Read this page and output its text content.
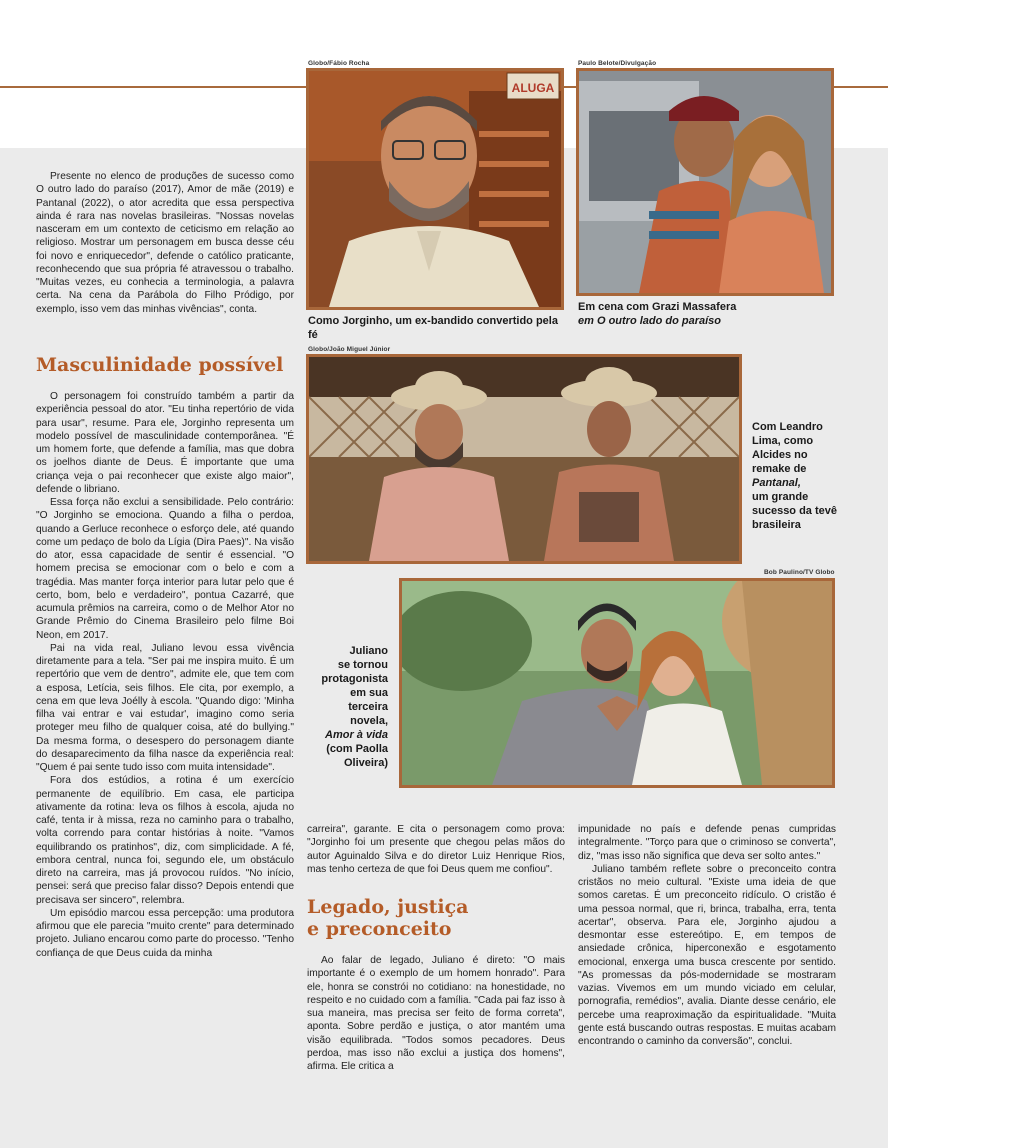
Globo/Fábio Rocha	Paulo Belote/Divulgação
Globo/João Miguel Júnior
Bob Paulino/TV Globo
ALUGA
Como Jorginho, um ex-bandido convertido pela fé
Em cena com Grazi Massafera
em O outro lado do paraíso
Com Leandro
Lima, como
Alcides no
remake de
Pantanal,
um grande
sucesso da tevê
brasileira
Juliano
se tornou
protagonista
em sua
terceira
novela,
Amor à vida
(com Paolla
Oliveira)

Presente no elenco de produções de sucesso como O outro lado do paraíso (2017), Amor de mãe (2019) e Pantanal (2022), o ator acredita que essa perspectiva ainda é rara nas novelas brasileiras. "Nossas novelas nasceram em um contexto de ceticismo em relação ao religioso. Mostrar um personagem em busca desse céu foi novo e enriquecedor", defende o católico praticante, reconhecendo que sua própria fé atravessou o trabalho. "Muitas vezes, eu conhecia a terminologia, a palavra certa. Na cena da Parábola do Filho Pródigo, por exemplo, isso vem das minhas vivências", conta.

Masculinidade possível

O personagem foi construído também a partir da experiência pessoal do ator. "Eu tinha repertório de vida para usar", resume. Para ele, Jorginho representa um modelo possível de masculinidade contemporânea. "É um homem forte, que defende a família, mas que dobra os joelhos diante de Deus. É importante que uma criança veja o pai reconhecer que existe algo maior", defende o libriano.

Essa força não exclui a sensibilidade. Pelo contrário: "O Jorginho se emociona. Quando a filha o perdoa, quando a Gerluce reconhece o esforço dele, até quando come um pedaço de bolo da Lígia (Dira Paes)". Na visão do ator, essa capacidade de sentir é essencial. "O homem precisa se emocionar com o belo e com a tragédia. Mas manter força interior para lutar pelo que é certo, bom, belo e verdadeiro", pontua Cazarré, que acumula prêmios na carreira, como o de Melhor Ator no Grande Prêmio do Cinema Brasileiro pelo filme Boi Neon, em 2017.

Pai na vida real, Juliano levou essa vivência diretamente para a tela. "Ser pai me inspira muito. É um repertório que vem de dentro", admite ele, que tem com a esposa, Letícia, seis filhos. Ele cita, por exemplo, a cena em que leva Joélly à escola. "Quando digo: 'Minha filha vai entrar e vai estudar', imagino como seria proteger meu filho de qualquer coisa, até do bullying." Da mesma forma, o desespero do personagem diante do desaparecimento da filha nasce da experiência real: "Quem é pai sente tudo isso com muita intensidade".

Fora dos estúdios, a rotina é um exercício permanente de equilíbrio. Em casa, ele participa ativamente da rotina: leva os filhos à escola, ajuda no café, tenta ir à missa, reza no caminho para o trabalho, volta correndo para contar histórias à noite. "Vamos equilibrando os pratinhos", diz, com simplicidade. A fé, embora central, nunca foi, segundo ele, um obstáculo direto na carreira, mas já provocou ruídos. "No início, pensei: será que preciso falar disso? Depois entendi que precisava ser sincero", relembra.

Um episódio marcou essa percepção: uma produtora afirmou que ele parecia "muito crente" para determinado projeto. Juliano encarou como parte do processo. "Tenho confiança de que Deus cuida da minha

carreira", garante. E cita o personagem como prova: "Jorginho foi um presente que chegou pelas mãos do autor Aguinaldo Silva e do diretor Luiz Henrique Rios, mas tenho certeza de que foi Deus quem me confiou".

Legado, justiça
e preconceito

Ao falar de legado, Juliano é direto: "O mais importante é o exemplo de um homem honrado". Para ele, honra se constrói no cotidiano: na honestidade, no respeito e no cuidado com a família. "Cada pai faz isso à sua maneira, mas precisa ser feito de forma correta", aponta. Sobre perdão e justiça, o ator mantém uma visão equilibrada. "Todos somos pecadores. Deus perdoa, mas isso não exclui a justiça dos homens", afirma. Ele critica a

impunidade no país e defende penas cumpridas integralmente. "Torço para que o criminoso se converta", diz, "mas isso não significa que deva ser solto antes."

Juliano também reflete sobre o preconceito contra cristãos no meio cultural. "Existe uma ideia de que somos caretas. É um preconceito ridículo. O cristão é uma pessoa normal, que ri, brinca, trabalha, erra, tenta acertar", observa. Para ele, Jorginho ajudou a desmontar esse estereótipo. E, em tempos de ansiedade crônica, hiperconexão e esgotamento emocional, enxerga uma busca crescente por sentido. "As promessas da pós-modernidade se mostraram vazias. Vivemos em um mundo viciado em celular, pornografia, remédios", avalia. Diante desse cenário, ele percebe uma reaproximação da espiritualidade. "Muita gente está buscando outras respostas. E muitas acabam encontrando o caminho da conversão", conclui.
